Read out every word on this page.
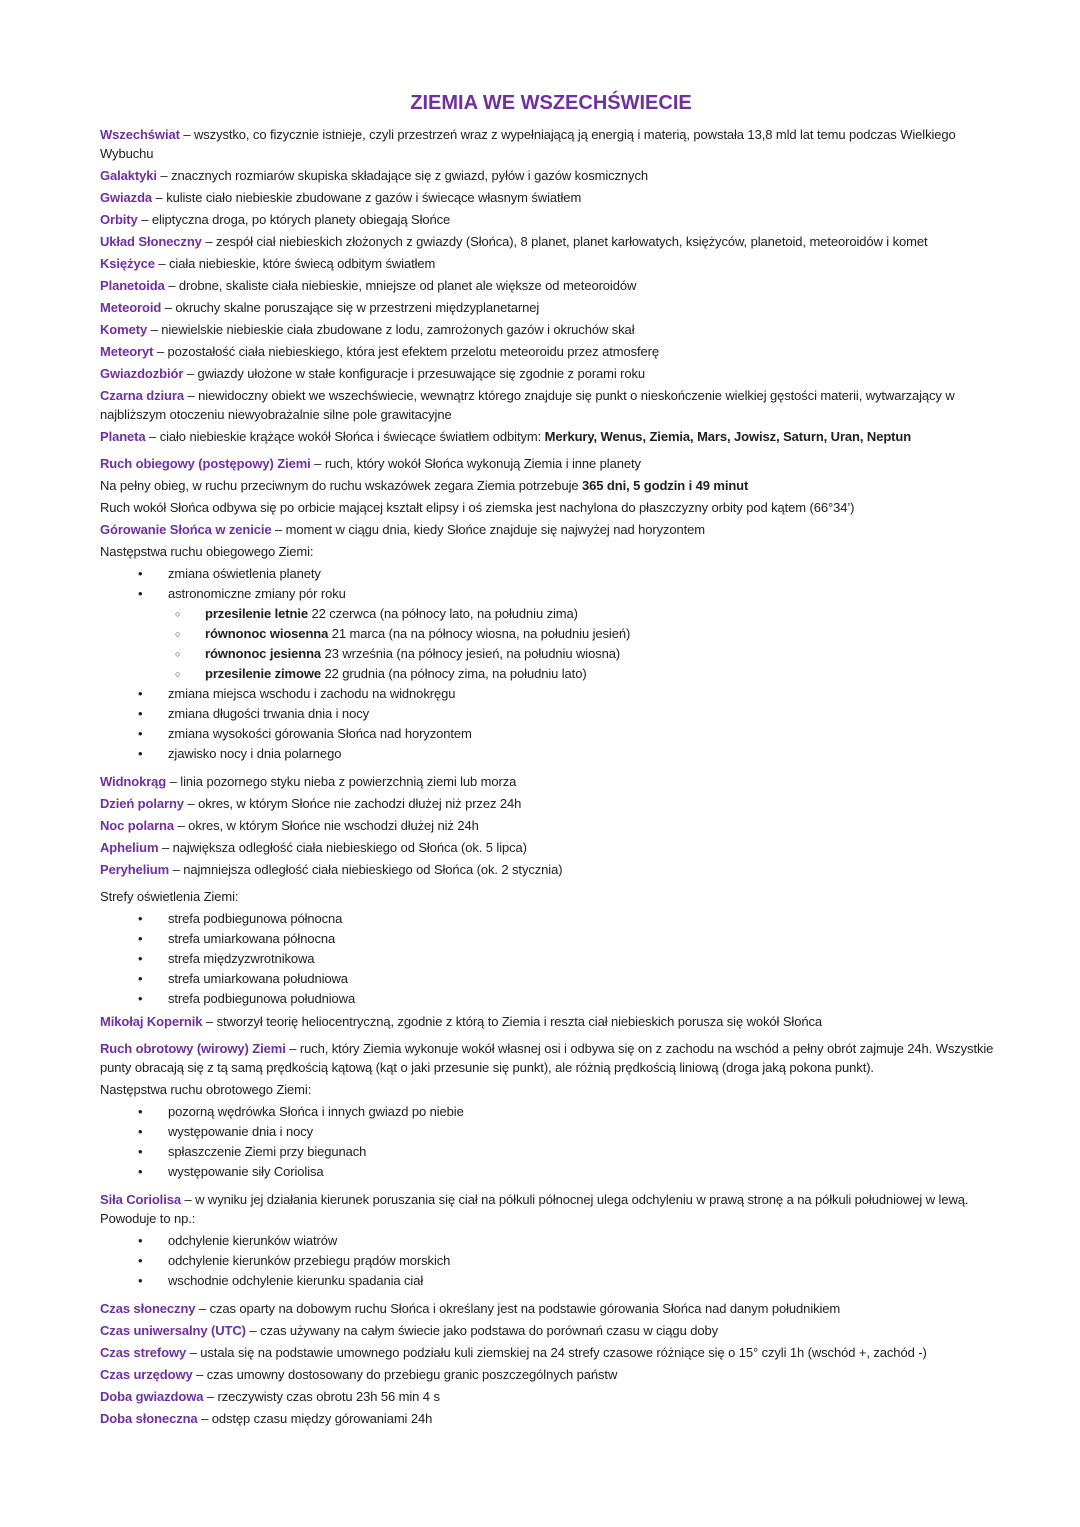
ZIEMIA WE WSZECHŚWIECIE

Wszechświat – wszystko, co fizycznie istnieje, czyli przestrzeń wraz z wypełniającą ją energią i materią, powstała 13,8 mld lat temu podczas Wielkiego Wybuchu

Galaktyki – znacznych rozmiarów skupiska składające się z gwiazd, pyłów i gazów kosmicznych

Gwiazda – kuliste ciało niebieskie zbudowane z gazów i świecące własnym światłem

Orbity – eliptyczna droga, po których planety obiegają Słońce

Układ Słoneczny – zespół ciał niebieskich złożonych z gwiazdy (Słońca), 8 planet, planet karłowatych, księżyców, planetoid, meteoroidów i komet

Księżyce – ciała niebieskie, które świecą odbitym światłem

Planetoida – drobne, skaliste ciała niebieskie, mniejsze od planet ale większe od meteoroidów

Meteoroid – okruchy skalne poruszające się w przestrzeni międzyplanetarnej

Komety – niewielskie niebieskie ciała zbudowane z lodu, zamrożonych gazów i okruchów skał

Meteoryt – pozostałość ciała niebieskiego, która jest efektem przelotu meteoroidu przez atmosferę

Gwiazdozbiór – gwiazdy ułożone w stałe konfiguracje i przesuwające się zgodnie z porami roku

Czarna dziura – niewidoczny obiekt we wszechświecie, wewnątrz którego znajduje się punkt o nieskończenie wielkiej gęstości materii, wytwarzający w najbliższym otoczeniu niewyobrażalnie silne pole grawitacyjne

Planeta – ciało niebieskie krążące wokół Słońca i świecące światłem odbitym: Merkury, Wenus, Ziemia, Mars, Jowisz, Saturn, Uran, Neptun

Ruch obiegowy (postępowy) Ziemi – ruch, który wokół Słońca wykonują Ziemia i inne planety

Na pełny obieg, w ruchu przeciwnym do ruchu wskazówek zegara Ziemia potrzebuje 365 dni, 5 godzin i 49 minut

Ruch wokół Słońca odbywa się po orbicie mającej kształt elipsy i oś ziemska jest nachylona do płaszczyzny orbity pod kątem (66°34’)

Górowanie Słońca w zenicie – moment w ciągu dnia, kiedy Słońce znajduje się najwyżej nad horyzontem

Następstwa ruchu obiegowego Ziemi:

•	zmiana oświetlenia planety
•	astronomiczne zmiany pór roku
○	przesilenie letnie 22 czerwca (na północy lato, na południu zima)
○	równonoc wiosenna 21 marca (na na północy wiosna, na południu jesień)
○	równonoc jesienna 23 września (na północy jesień, na południu wiosna)
○	przesilenie zimowe 22 grudnia (na północy zima, na południu lato)
•	zmiana miejsca wschodu i zachodu na widnokręgu
•	zmiana długości trwania dnia i nocy
•	zmiana wysokości górowania Słońca nad horyzontem
•	zjawisko nocy i dnia polarnego

Widnokrąg – linia pozornego styku nieba z powierzchnią ziemi lub morza

Dzień polarny – okres, w którym Słońce nie zachodzi dłużej niż przez 24h

Noc polarna – okres, w którym Słońce nie wschodzi dłużej niż 24h

Aphelium – największa odległość ciała niebieskiego od Słońca (ok. 5 lipca)

Peryhelium – najmniejsza odległość ciała niebieskiego od Słońca (ok. 2 stycznia)

Strefy oświetlenia Ziemi:

•	strefa podbiegunowa północna
•	strefa umiarkowana północna
•	strefa międzyzwrotnikowa
•	strefa umiarkowana południowa
•	strefa podbiegunowa południowa

Mikołaj Kopernik – stworzył teorię heliocentryczną, zgodnie z którą to Ziemia i reszta ciał niebieskich porusza się wokół Słońca

Ruch obrotowy (wirowy) Ziemi – ruch, który Ziemia wykonuje wokół własnej osi i odbywa się on z zachodu na wschód a pełny obrót zajmuje 24h. Wszystkie punty obracają się z tą samą prędkością kątową (kąt o jaki przesunie się punkt), ale różnią prędkością liniową (droga jaką pokona punkt).

Następstwa ruchu obrotowego Ziemi:

•	pozorną wędrówka Słońca i innych gwiazd po niebie
•	występowanie dnia i nocy
•	spłaszczenie Ziemi przy biegunach
•	występowanie siły Coriolisa

Siła Coriolisa – w wyniku jej działania kierunek poruszania się ciał na półkuli północnej ulega odchyleniu w prawą stronę a na półkuli południowej w lewą. Powoduje to np.:

•	odchylenie kierunków wiatrów
•	odchylenie kierunków przebiegu prądów morskich
•	wschodnie odchylenie kierunku spadania ciał

Czas słoneczny – czas oparty na dobowym ruchu Słońca i określany jest na podstawie górowania Słońca nad danym południkiem

Czas uniwersalny (UTC) – czas używany na całym świecie jako podstawa do porównań czasu w ciągu doby

Czas strefowy – ustala się na podstawie umownego podziału kuli ziemskiej na 24 strefy czasowe różniące się o 15° czyli 1h (wschód +, zachód -)

Czas urzędowy – czas umowny dostosowany do przebiegu granic poszczególnych państw

Doba gwiazdowa – rzeczywisty czas obrotu 23h 56 min 4 s

Doba słoneczna – odstęp czasu między górowaniami 24h
